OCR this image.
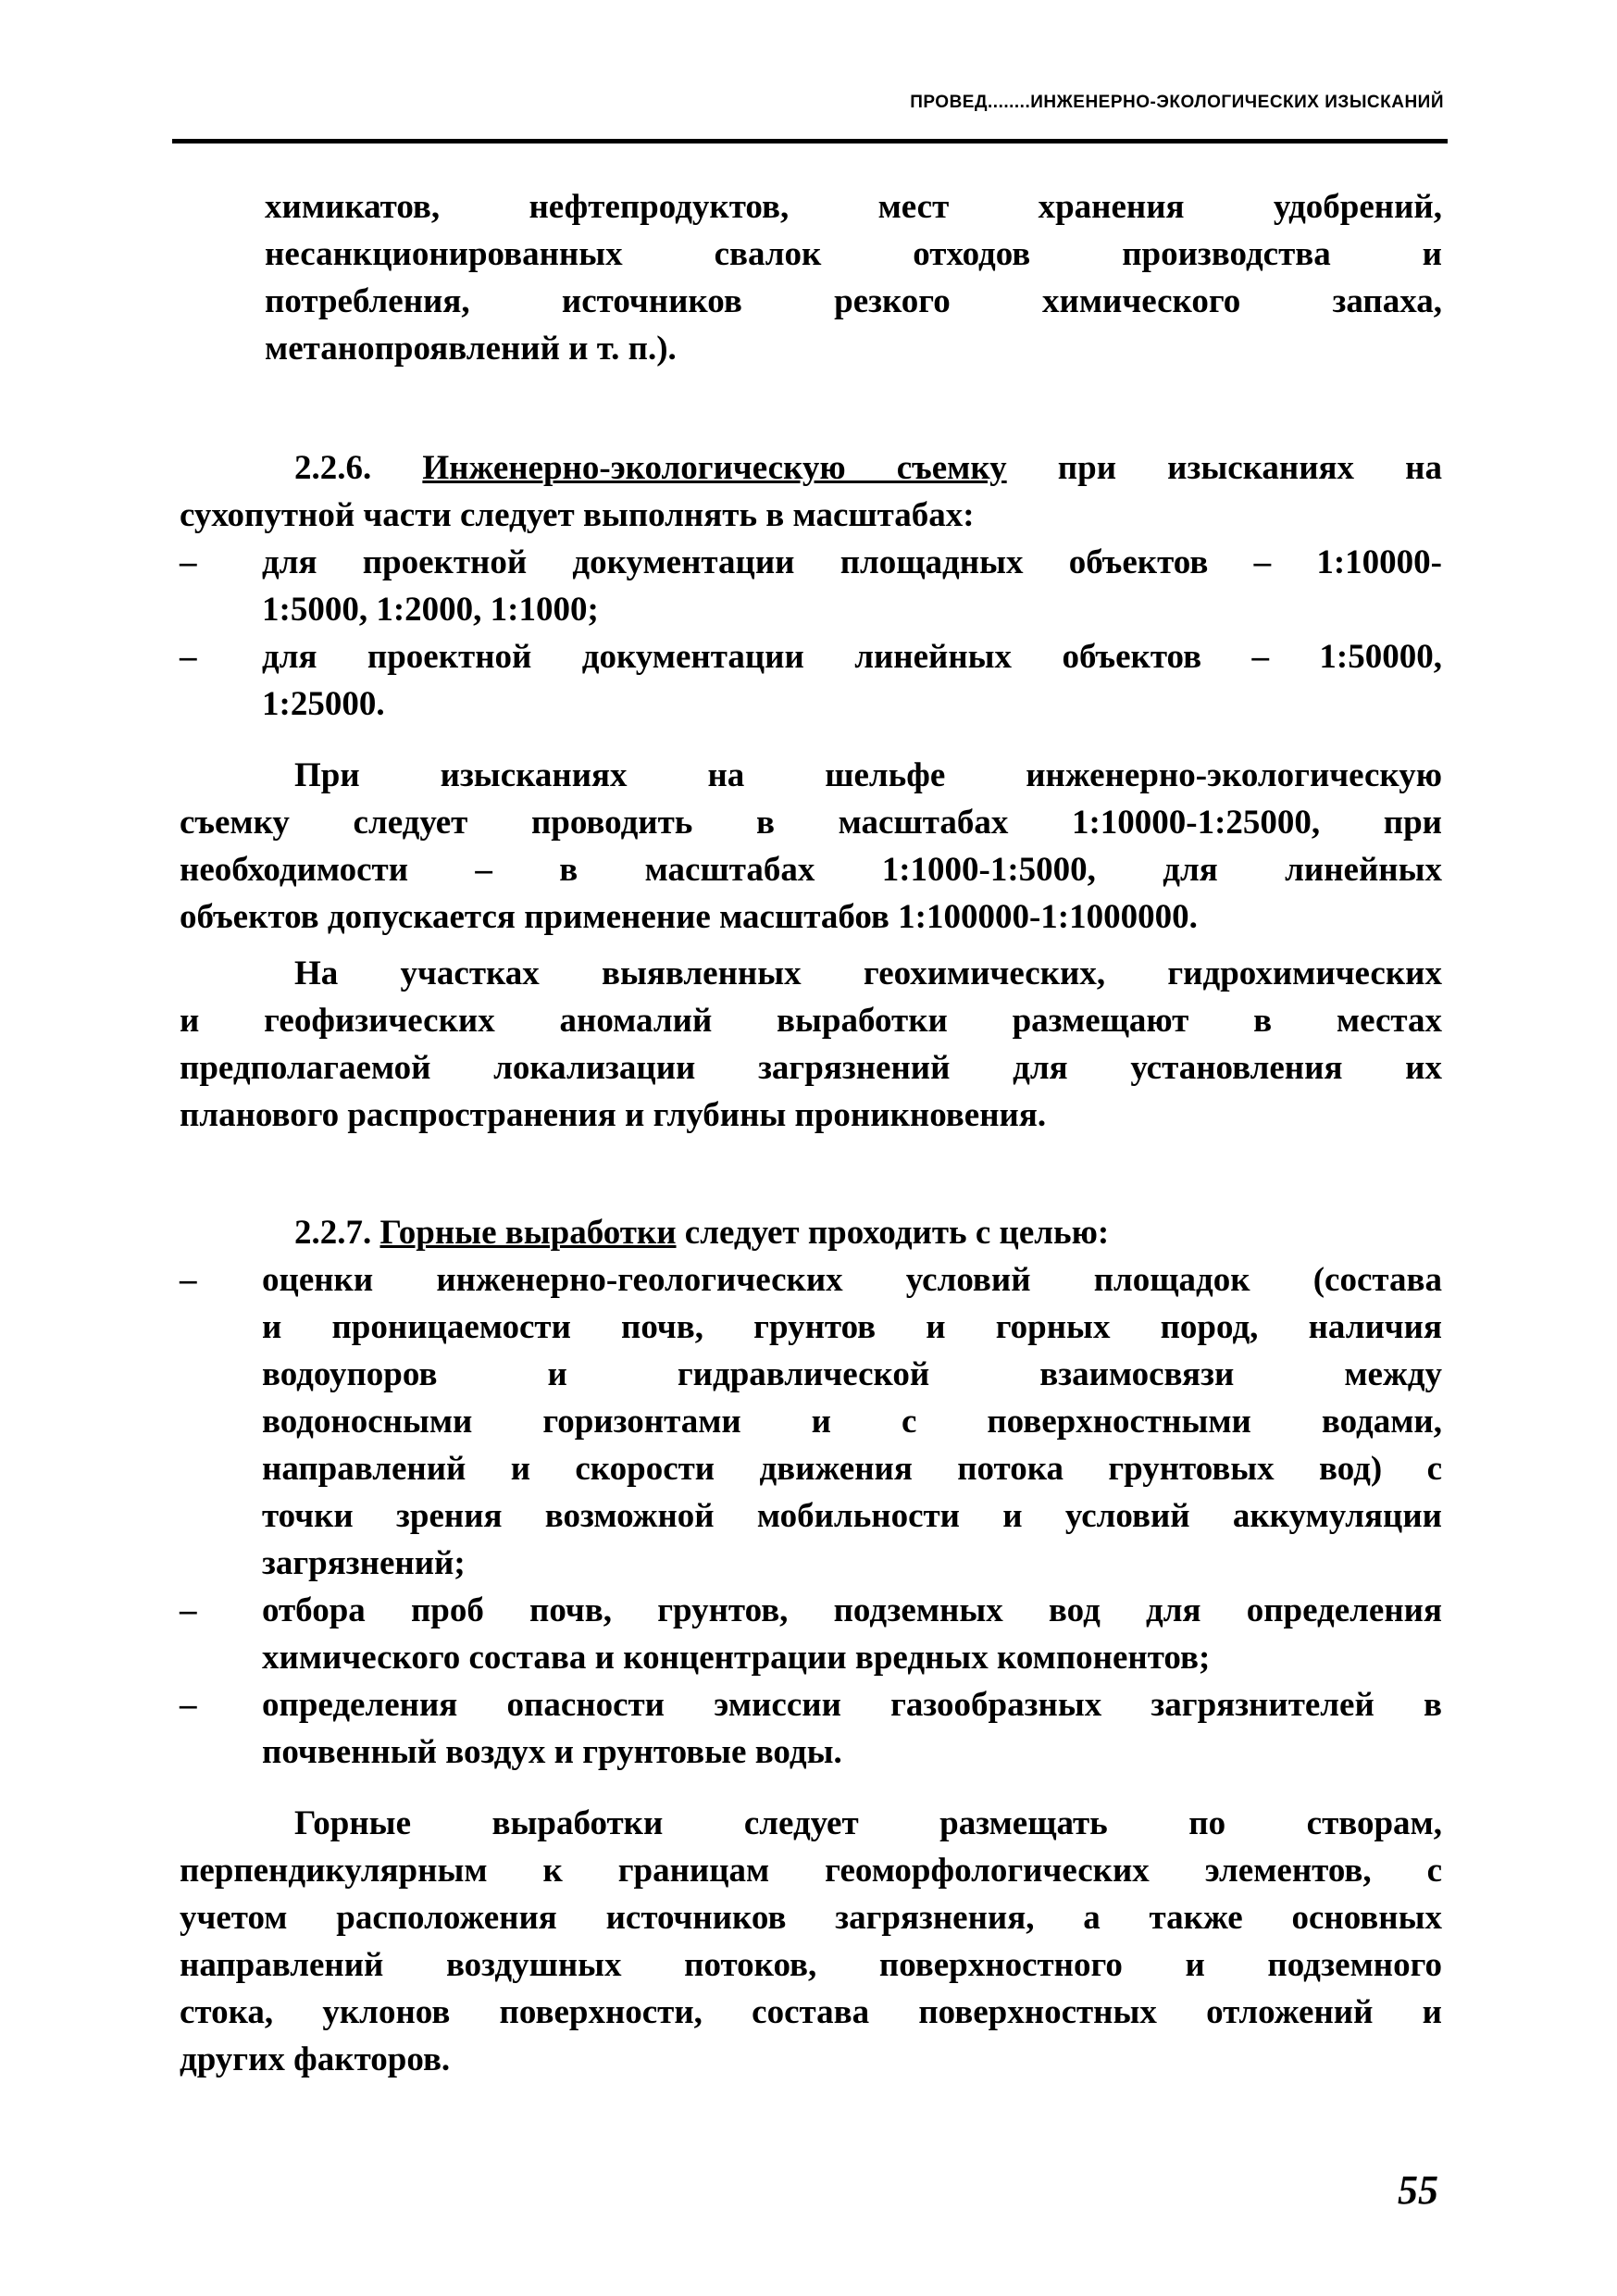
ПРОВЕД........ИНЖЕНЕРНО-ЭКОЛОГИЧЕСКИХ ИЗЫСКАНИЙ
химикатов, нефтепродуктов, мест хранения удобрений,
несанкционированных свалок отходов производства и
потребления, источников резкого химического запаха,
метанопроявлений и т. п.).
2.2.6. Инженерно-экологическую съемку при изысканиях на
сухопутной части следует выполнять в масштабах:
– для проектной документации площадных объектов – 1:10000-
1:5000, 1:2000, 1:1000;
– для проектной документации линейных объектов – 1:50000,
1:25000.
При изысканиях на шельфе инженерно-экологическую
съемку следует проводить в масштабах 1:10000-1:25000, при
необходимости – в масштабах 1:1000-1:5000, для линейных
объектов допускается применение масштабов 1:100000-1:1000000.
На участках выявленных геохимических, гидрохимических
и геофизических аномалий выработки размещают в местах
предполагаемой локализации загрязнений для установления их
планового распространения и глубины проникновения.
2.2.7. Горные выработки следует проходить с целью:
– оценки инженерно-геологических условий площадок (состава
и проницаемости почв, грунтов и горных пород, наличия
водоупоров и гидравлической взаимосвязи между
водоносными горизонтами и с поверхностными водами,
направлений и скорости движения потока грунтовых вод) с
точки зрения возможной мобильности и условий аккумуляции
загрязнений;
– отбора проб почв, грунтов, подземных вод для определения
химического состава и концентрации вредных компонентов;
– определения опасности эмиссии газообразных загрязнителей в
почвенный воздух и грунтовые воды.
Горные выработки следует размещать по створам,
перпендикулярным к границам геоморфологических элементов, с
учетом расположения источников загрязнения, а также основных
направлений воздушных потоков, поверхностного и подземного
стока, уклонов поверхности, состава поверхностных отложений и
других факторов.
55
